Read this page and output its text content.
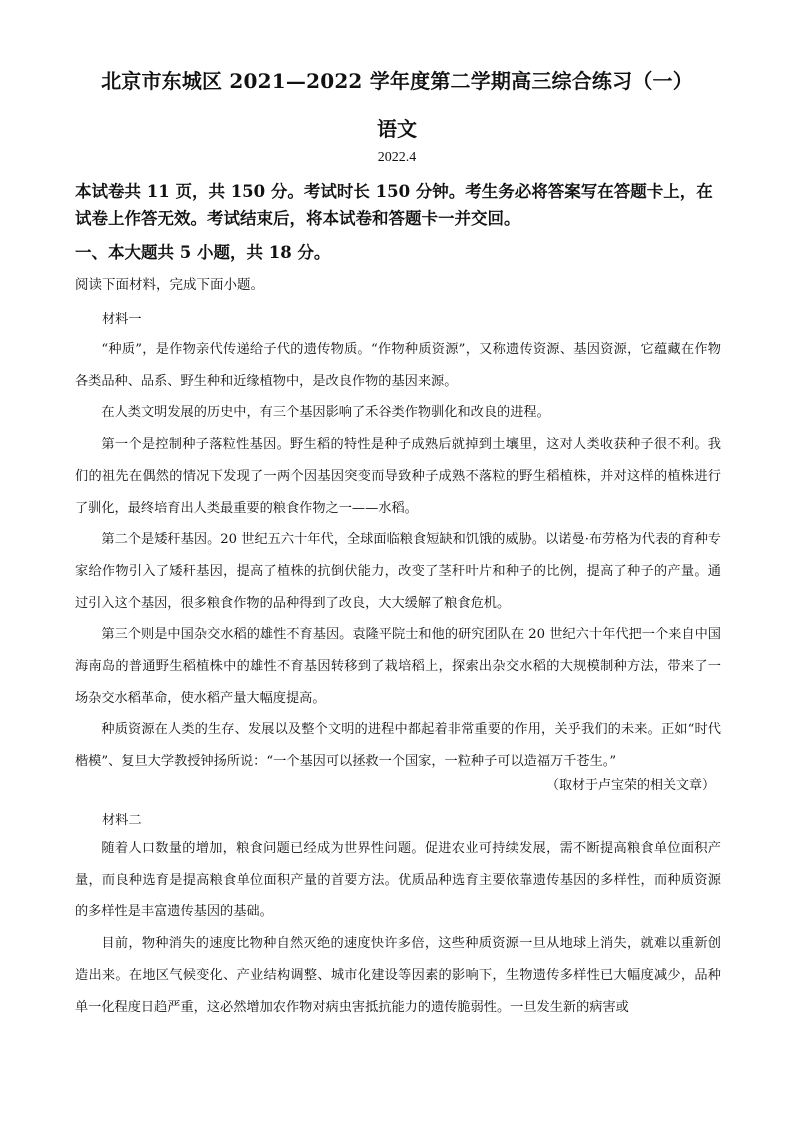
北京市东城区 2021—2022 学年度第二学期高三综合练习（一）
语文
2022.4
本试卷共 11 页，共 150 分。考试时长 150 分钟。考生务必将答案写在答题卡上，在试卷上作答无效。考试结束后，将本试卷和答题卡一并交回。
一、本大题共 5 小题，共 18 分。
阅读下面材料，完成下面小题。
材料一

“种质”，是作物亲代传递给子代的遗传物质。“作物种质资源”，又称遗传资源、基因资源，它蕴藏在作物各类品种、品系、野生种和近缘植物中，是改良作物的基因来源。

在人类文明发展的历史中，有三个基因影响了禾谷类作物驯化和改良的进程。

第一个是控制种子落粒性基因。野生稻的特性是种子成熟后就掉到土壤里，这对人类收获种子很不利。我们的祖先在偶然的情况下发现了一两个因基因突变而导致种子成熟不落粒的野生稻植株，并对这样的植株进行了驯化，最终培育出人类最重要的粮食作物之一——水稻。

第二个是矮秆基因。20 世纪五六十年代，全球面临粮食短缺和饥饿的威胁。以诺曼·布劳格为代表的育种专家给作物引入了矮秆基因，提高了植株的抗倒伏能力，改变了茎秆叶片和种子的比例，提高了种子的产量。通过引入这个基因，很多粮食作物的品种得到了改良，大大缓解了粮食危机。

第三个则是中国杂交水稻的雄性不育基因。袁隆平院士和他的研究团队在 20 世纪六十年代把一个来自中国海南岛的普通野生稻植株中的雄性不育基因转移到了栽培稻上，探索出杂交水稻的大规模制种方法，带来了一场杂交水稻革命，使水稻产量大幅度提高。

种质资源在人类的生存、发展以及整个文明的进程中都起着非常重要的作用，关乎我们的未来。正如“时代楷模”、复旦大学教授钟扬所说：“一个基因可以拯救一个国家，一粒种子可以造福万千苍生。”

（取材于卢宝荣的相关文章）
材料二

随着人口数量的增加，粮食问题已经成为世界性问题。促进农业可持续发展，需不断提高粮食单位面积产量，而良种选育是提高粮食单位面积产量的首要方法。优质品种选育主要依靠遗传基因的多样性，而种质资源的多样性是丰富遗传基因的基础。

目前，物种消失的速度比物种自然灭绝的速度快许多倍，这些种质资源一旦从地球上消失，就难以重新创造出来。在地区气候变化、产业结构调整、城市化建设等因素的影响下，生物遗传多样性已大幅度减少，品种单一化程度日趋严重，这必然增加农作物对病虫害抵抗能力的遗传脆弱性。一旦发生新的病害或
